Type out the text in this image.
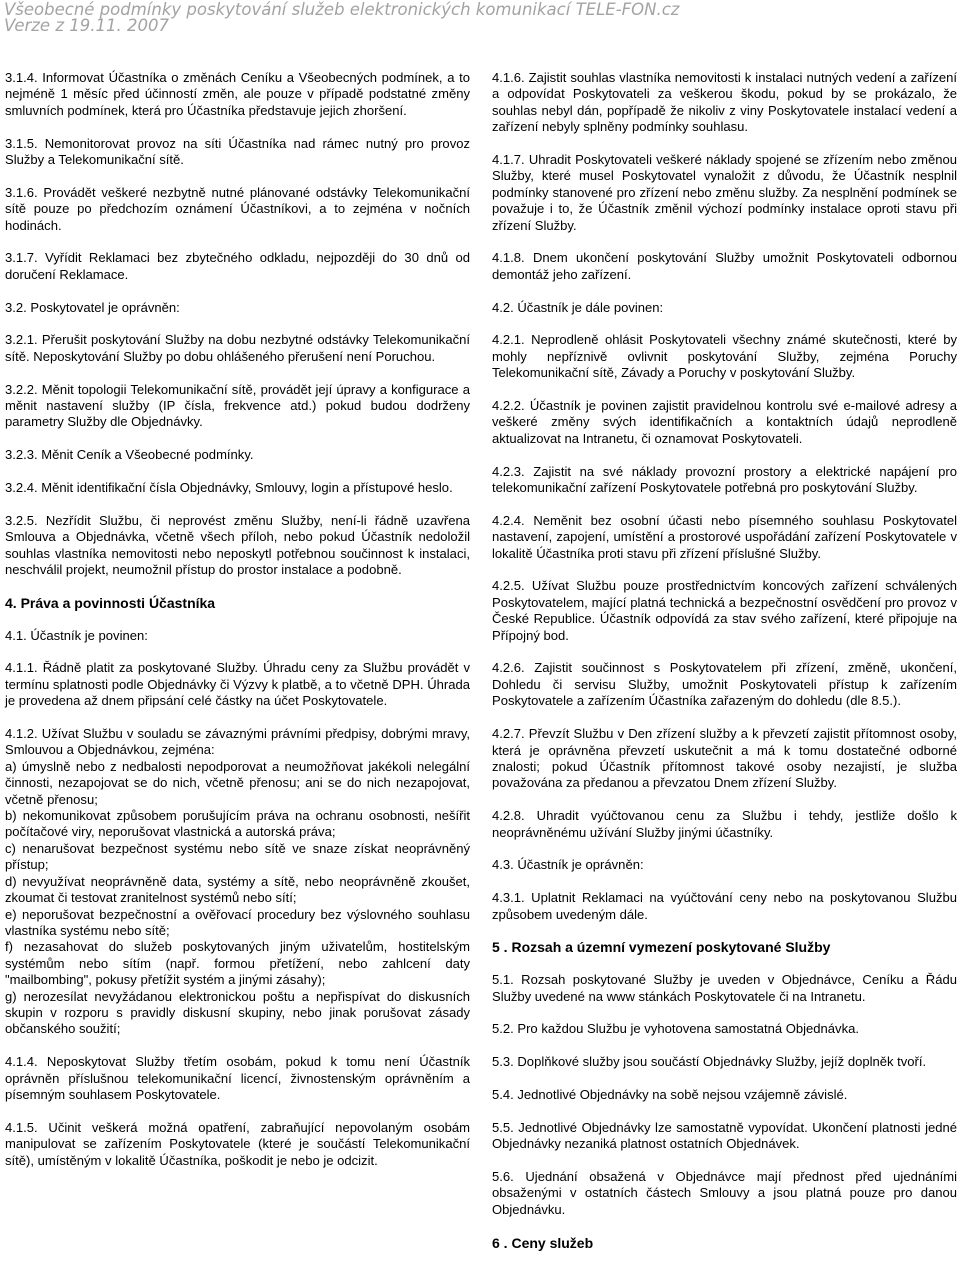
Všeobecné podmínky poskytování služeb elektronických komunikací TELE-FON.cz
Verze z 19.11. 2007

3.1.4. Informovat Účastníka o změnách Ceníku a Všeobecných podmínek, a to nejméně 1 měsíc před účinností změn, ale pouze v případě podstatné změny smluvních podmínek, která pro Účastníka představuje jejich zhoršení.

3.1.5. Nemonitorovat provoz na síti Účastníka nad rámec nutný pro provoz Služby a Telekomunikační sítě.

3.1.6. Provádět veškeré nezbytně nutné plánované odstávky Telekomunikační sítě pouze po předchozím oznámení Účastníkovi, a to zejména v nočních hodinách.

3.1.7. Vyřídit Reklamaci bez zbytečného odkladu, nejpozději do 30 dnů od doručení Reklamace.

3.2. Poskytovatel je oprávněn:

3.2.1. Přerušit poskytování Služby na dobu nezbytné odstávky Telekomunikační sítě. Neposkytování Služby po dobu ohlášeného přerušení není Poruchou.

3.2.2. Měnit topologii Telekomunikační sítě, provádět její úpravy a konfigurace a měnit nastavení služby (IP čísla, frekvence atd.) pokud budou dodrženy parametry Služby dle Objednávky.

3.2.3. Měnit Ceník a Všeobecné podmínky.

3.2.4. Měnit identifikační čísla Objednávky, Smlouvy, login a přístupové heslo.

3.2.5. Nezřídit Službu, či neprovést změnu Služby, není-li řádně uzavřena Smlouva a Objednávka, včetně všech příloh, nebo pokud Účastník nedoložil souhlas vlastníka nemovitosti nebo neposkytl potřebnou součinnost k instalaci, neschválil projekt, neumožnil přístup do prostor instalace a podobně.

4. Práva a povinnosti Účastníka

4.1. Účastník je povinen:

4.1.1. Řádně platit za poskytované Služby. Úhradu ceny za Službu provádět v termínu splatnosti podle Objednávky či Výzvy k platbě, a to včetně DPH. Úhrada je provedena až dnem připsání celé částky na účet Poskytovatele.

4.1.2. Užívat Službu v souladu se závaznými právními předpisy, dobrými mravy, Smlouvou a Objednávkou, zejména:

a) úmyslně nebo z nedbalosti nepodporovat a neumožňovat jakékoli nelegální činnosti, nezapojovat se do nich, včetně přenosu; ani se do nich nezapojovat, včetně přenosu;

b) nekomunikovat způsobem porušujícím práva na ochranu osobnosti, nešířit počítačové viry, neporušovat vlastnická a autorská práva;

c) nenarušovat bezpečnost systému nebo sítě ve snaze získat neoprávněný přístup;

d) nevyužívat neoprávněně data, systémy a sítě, nebo neoprávněně zkoušet, zkoumat či testovat zranitelnost systémů nebo sítí;

e) neporušovat bezpečnostní a ověřovací procedury bez výslovného souhlasu vlastníka systému nebo sítě;

f) nezasahovat do služeb poskytovaných jiným uživatelům, hostitelským systémům nebo sítím (např. formou přetížení, nebo zahlcení daty "mailbombing", pokusy přetížit systém a jinými zásahy);

g) nerozesílat nevyžádanou elektronickou poštu a nepřispívat do diskusních skupin v rozporu s pravidly diskusní skupiny, nebo jinak porušovat zásady občanského soužití;

4.1.4. Neposkytovat Služby třetím osobám, pokud k tomu není Účastník oprávněn příslušnou telekomunikační licencí, živnostenským oprávněním a písemným souhlasem Poskytovatele.

4.1.5. Učinit veškerá možná opatření, zabraňující nepovolaným osobám manipulovat se zařízením Poskytovatele (které je součástí Telekomunikační sítě), umístěným v lokalitě Účastníka, poškodit je nebo je odcizit.

4.1.6. Zajistit souhlas vlastníka nemovitosti k instalaci nutných vedení a zařízení a odpovídat Poskytovateli za veškerou škodu, pokud by se prokázalo, že souhlas nebyl dán, popřípadě že nikoliv z viny Poskytovatele instalací vedení a zařízení nebyly splněny podmínky souhlasu.

4.1.7. Uhradit Poskytovateli veškeré náklady spojené se zřízením nebo změnou Služby, které musel Poskytovatel vynaložit z důvodu, že Účastník nesplnil podmínky stanovené pro zřízení nebo změnu služby. Za nesplnění podmínek se považuje i to, že Účastník změnil výchozí podmínky instalace oproti stavu při zřízení Služby.

4.1.8. Dnem ukončení poskytování Služby umožnit Poskytovateli odbornou demontáž jeho zařízení.

4.2. Účastník je dále povinen:

4.2.1. Neprodleně ohlásit Poskytovateli všechny známé skutečnosti, které by mohly nepříznivě ovlivnit poskytování Služby, zejména Poruchy Telekomunikační sítě, Závady a Poruchy v poskytování Služby.

4.2.2. Účastník je povinen zajistit pravidelnou kontrolu své e-mailové adresy a veškeré změny svých identifikačních a kontaktních údajů neprodleně aktualizovat na Intranetu, či oznamovat Poskytovateli.

4.2.3. Zajistit na své náklady provozní prostory a elektrické napájení pro telekomunikační zařízení Poskytovatele potřebná pro poskytování Služby.

4.2.4. Neměnit bez osobní účasti nebo písemného souhlasu Poskytovatel nastavení, zapojení, umístění a prostorové uspořádání zařízení Poskytovatele v lokalitě Účastníka proti stavu při zřízení příslušné Služby.

4.2.5. Užívat Službu pouze prostřednictvím koncových zařízení schválených Poskytovatelem, mající platná technická a bezpečnostní osvědčení pro provoz v České Republice. Účastník odpovídá za stav svého zařízení, které připojuje na Přípojný bod.

4.2.6. Zajistit součinnost s Poskytovatelem při zřízení, změně, ukončení, Dohledu či servisu Služby, umožnit Poskytovateli přístup k zařízením Poskytovatele a zařízením Účastníka zařazeným do dohledu (dle 8.5.).

4.2.7. Převzít Službu v Den zřízení služby a k převzetí zajistit přítomnost osoby, která je oprávněna převzetí uskutečnit a má k tomu dostatečné odborné znalosti; pokud Účastník přítomnost takové osoby nezajistí, je služba považována za předanou a převzatou Dnem zřízení Služby.

4.2.8. Uhradit vyúčtovanou cenu za Službu i tehdy, jestliže došlo k neoprávněnému užívání Služby jinými účastníky.

4.3. Účastník je oprávněn:

4.3.1. Uplatnit Reklamaci na vyúčtování ceny nebo na poskytovanou Službu způsobem uvedeným dále.

5 . Rozsah a územní vymezení poskytované Služby

5.1. Rozsah poskytované Služby je uveden v Objednávce, Ceníku a Řádu Služby uvedené na www stánkách Poskytovatele či na Intranetu.

5.2. Pro každou Službu je vyhotovena samostatná Objednávka.

5.3. Doplňkové služby jsou součástí Objednávky Služby, jejíž doplněk tvoří.

5.4. Jednotlivé Objednávky na sobě nejsou vzájemně závislé.

5.5. Jednotlivé Objednávky lze samostatně vypovídat. Ukončení platnosti jedné Objednávky nezaniká platnost ostatních Objednávek.

5.6. Ujednání obsažená v Objednávce mají přednost před ujednáními obsaženými v ostatních částech Smlouvy a jsou platná pouze pro danou Objednávku.

6 . Ceny služeb
